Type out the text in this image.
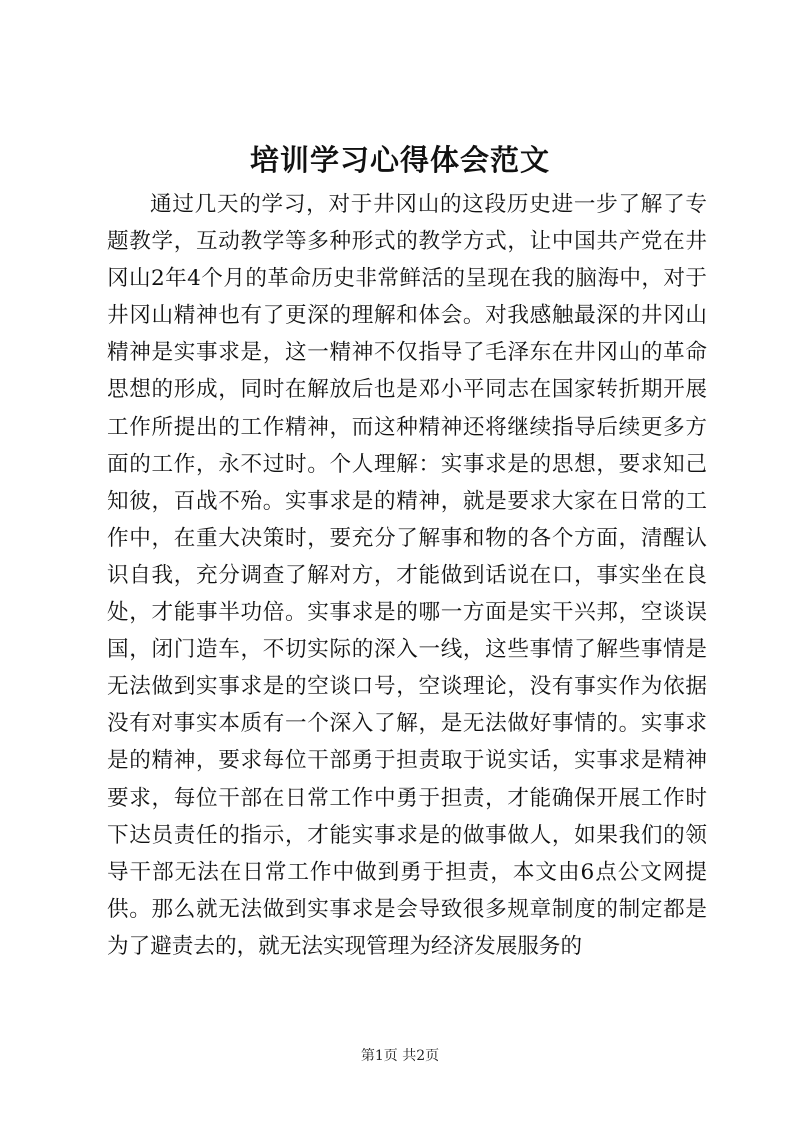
培训学习心得体会范文

通过几天的学习，对于井冈山的这段历史进一步了解了专题教学，互动教学等多种形式的教学方式，让中国共产党在井冈山2年4个月的革命历史非常鲜活的呈现在我的脑海中，对于井冈山精神也有了更深的理解和体会。对我感触最深的井冈山精神是实事求是，这一精神不仅指导了毛泽东在井冈山的革命思想的形成，同时在解放后也是邓小平同志在国家转折期开展工作所提出的工作精神，而这种精神还将继续指导后续更多方面的工作，永不过时。个人理解：实事求是的思想，要求知己知彼，百战不殆。实事求是的精神，就是要求大家在日常的工作中，在重大决策时，要充分了解事和物的各个方面，清醒认识自我，充分调查了解对方，才能做到话说在口，事实坐在良处，才能事半功倍。实事求是的哪一方面是实干兴邦，空谈误国，闭门造车，不切实际的深入一线，这些事情了解些事情是无法做到实事求是的空谈口号，空谈理论，没有事实作为依据没有对事实本质有一个深入了解，是无法做好事情的。实事求是的精神，要求每位干部勇于担责取于说实话，实事求是精神要求，每位干部在日常工作中勇于担责，才能确保开展工作时下达员责任的指示，才能实事求是的做事做人，如果我们的领导干部无法在日常工作中做到勇于担责，本文由6点公文网提供。那么就无法做到实事求是会导致很多规章制度的制定都是为了避责去的，就无法实现管理为经济发展服务的

第1页 共2页
